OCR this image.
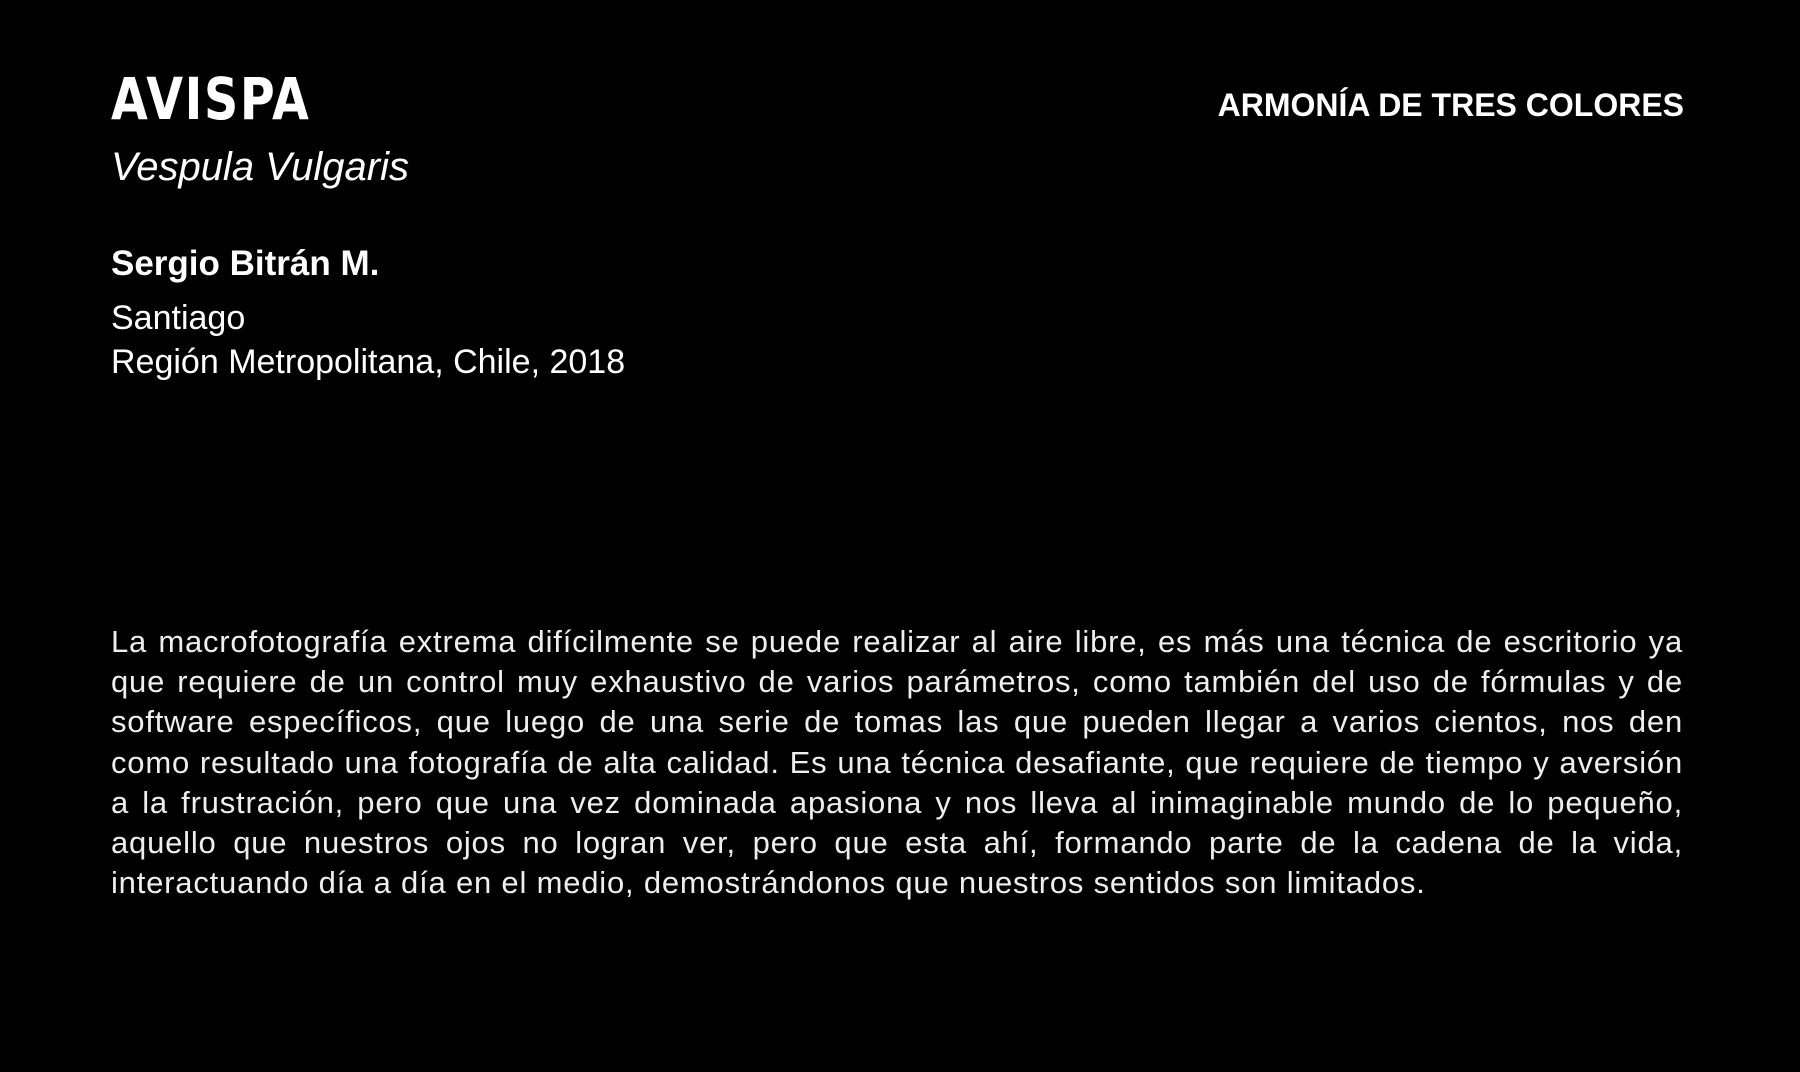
AVISPA
Vespula Vulgaris
ARMONÍA DE TRES COLORES
Sergio Bitrán M.
Santiago
Región Metropolitana, Chile, 2018

La macrofotografía extrema difícilmente se puede realizar al aire libre, es más una técnica de escritorio ya que requiere de un control muy exhaustivo de varios parámetros, como también del uso de fórmulas y de software específicos, que luego de una serie de tomas las que pueden llegar a varios cientos, nos den como resultado una fotografía de alta calidad. Es una técnica desafiante, que requiere de tiempo y aversión a la frustración, pero que una vez dominada apasiona y nos lleva al inimaginable mundo de lo pequeño, aquello que nuestros ojos no logran ver, pero que esta ahí, formando parte de la cadena de la vida, interactuando día a día en el medio, demostrándonos que nuestros sentidos son limitados.
